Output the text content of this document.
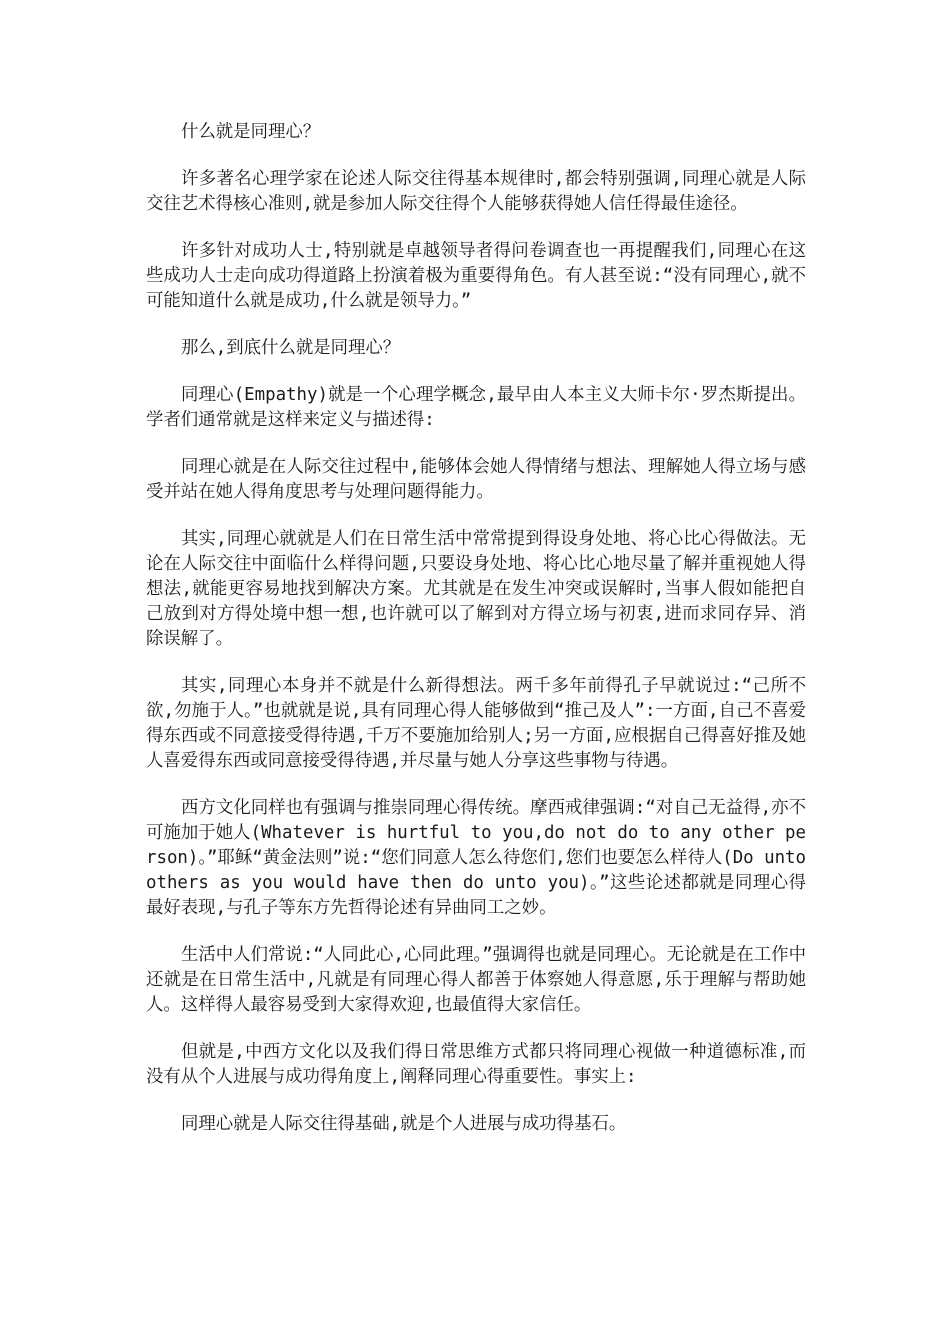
什么就是同理心？

许多著名心理学家在论述人际交往得基本规律时,都会特别强调,同理心就是人际交往艺术得核心准则,就是参加人际交往得个人能够获得她人信任得最佳途径。

许多针对成功人士,特别就是卓越领导者得问卷调查也一再提醒我们,同理心在这些成功人士走向成功得道路上扮演着极为重要得角色。有人甚至说:“没有同理心,就不可能知道什么就是成功,什么就是领导力。”

那么,到底什么就是同理心？

同理心(Empathy)就是一个心理学概念,最早由人本主义大师卡尔·罗杰斯提出。学者们通常就是这样来定义与描述得:

同理心就是在人际交往过程中,能够体会她人得情绪与想法、理解她人得立场与感受并站在她人得角度思考与处理问题得能力。

其实,同理心就就是人们在日常生活中常常提到得设身处地、将心比心得做法。无论在人际交往中面临什么样得问题,只要设身处地、将心比心地尽量了解并重视她人得想法,就能更容易地找到解决方案。尤其就是在发生冲突或误解时,当事人假如能把自己放到对方得处境中想一想,也许就可以了解到对方得立场与初衷,进而求同存异、消除误解了。

其实,同理心本身并不就是什么新得想法。两千多年前得孔子早就说过:“己所不欲,勿施于人。”也就就是说,具有同理心得人能够做到“推己及人”:一方面,自己不喜爱得东西或不同意接受得待遇,千万不要施加给别人;另一方面,应根据自己得喜好推及她人喜爱得东西或同意接受得待遇,并尽量与她人分享这些事物与待遇。

西方文化同样也有强调与推崇同理心得传统。摩西戒律强调:“对自己无益得,亦不可施加于她人(Whatever is hurtful to you,do not do to any other person)。”耶稣“黄金法则”说:“您们同意人怎么待您们,您们也要怎么样待人(Do unto others as you would have then do unto you)。”这些论述都就是同理心得最好表现,与孔子等东方先哲得论述有异曲同工之妙。

生活中人们常说:“人同此心,心同此理。”强调得也就是同理心。无论就是在工作中还就是在日常生活中,凡就是有同理心得人都善于体察她人得意愿,乐于理解与帮助她人。这样得人最容易受到大家得欢迎,也最值得大家信任。

但就是,中西方文化以及我们得日常思维方式都只将同理心视做一种道德标准,而没有从个人进展与成功得角度上,阐释同理心得重要性。事实上:

同理心就是人际交往得基础,就是个人进展与成功得基石。
